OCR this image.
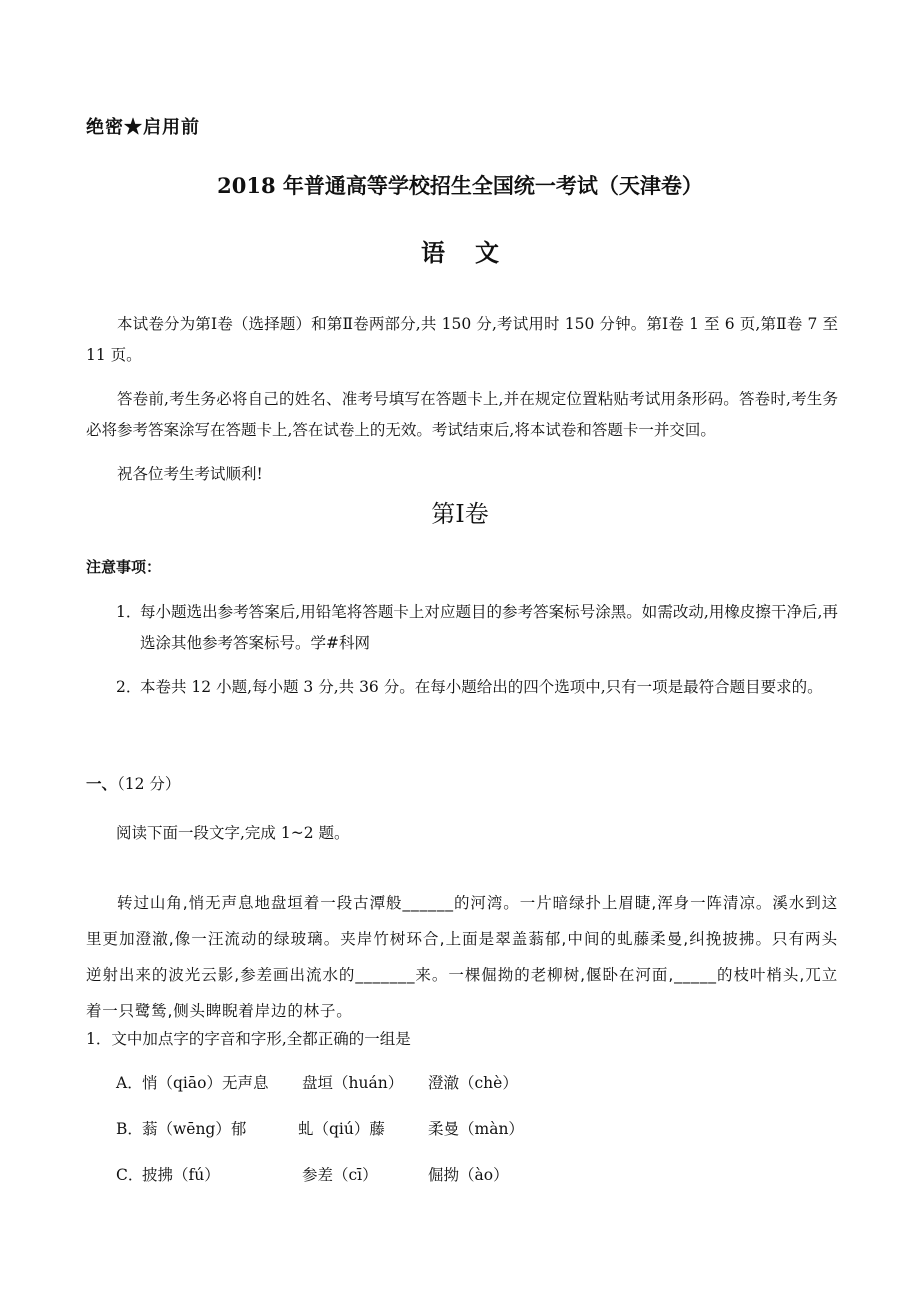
绝密★启用前
2018 年普通高等学校招生全国统一考试（天津卷）
语文

本试卷分为第Ⅰ卷（选择题）和第Ⅱ卷两部分,共 150 分,考试用时 150 分钟。第Ⅰ卷 1 至 6 页,第Ⅱ卷 7 至 11 页。

答卷前,考生务必将自己的姓名、准考号填写在答题卡上,并在规定位置粘贴考试用条形码。答卷时,考生务必将参考答案涂写在答题卡上,答在试卷上的无效。考试结束后,将本试卷和答题卡一并交回。

祝各位考生考试顺利!

第Ⅰ卷
注意事项：
1．
每小题选出参考答案后,用铅笔将答题卡上对应题目的参考答案标号涂黑。如需改动,用橡皮擦干净后,再选涂其他参考答案标号。学#科网
2．
本卷共 12 小题,每小题 3 分,共 36 分。在每小题给出的四个选项中,只有一项是最符合题目要求的。
一、（12 分）
阅读下面一段文字,完成 1~2 题。

转过山角,悄无声息地盘垣着一段古潭般______的河湾。一片暗绿扑上眉睫,浑身一阵清凉。溪水到这里更加澄澈,像一汪流动的绿玻璃。夹岸竹树环合,上面是翠盖蓊郁,中间的虬藤柔曼,纠挽披拂。只有两头逆射出来的波光云影,参差画出流水的_______来。一棵倔拗的老柳树,偃卧在河面,_____的枝叶梢头,兀立着一只鹭鸶,侧头睥睨着岸边的林子。

1．文中加点字的字音和字形,全都正确的一组是
A． 悄（qiāo）无声息 盘垣（huán） 澄澈（chè）
B． 蓊（wēng）郁	虬（qiú）藤	柔曼（màn）
C．
披拂（fú）	参差（cī）	倔拗（ào）
